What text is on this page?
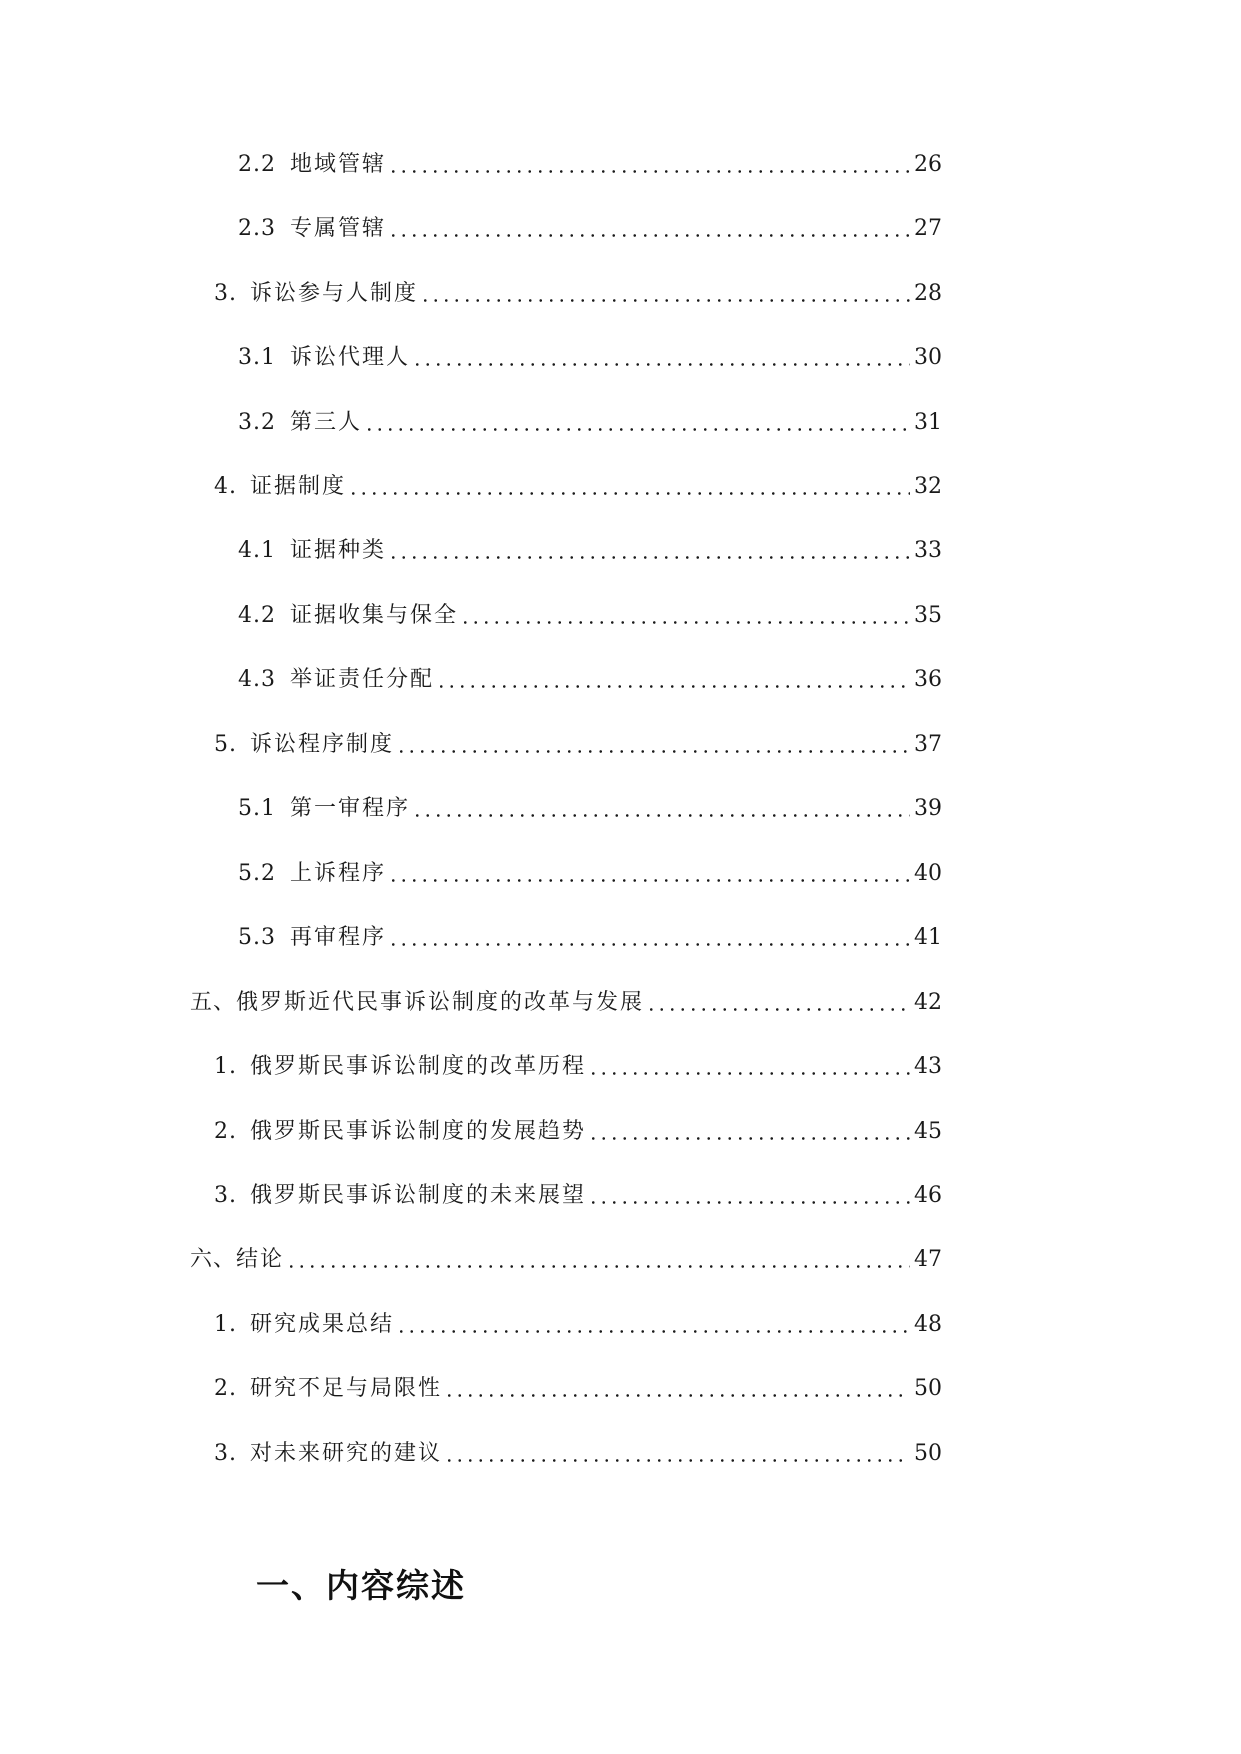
2.2 地域管辖	26
2.3 专属管辖	27
3. 诉讼参与人制度	28
3.1 诉讼代理人	30
3.2 第三人	31
4. 证据制度	32
4.1 证据种类	33
4.2 证据收集与保全	35
4.3 举证责任分配	36
5. 诉讼程序制度	37
5.1 第一审程序	39
5.2 上诉程序	40
5.3 再审程序	41
五、 俄罗斯近代民事诉讼制度的改革与发展	42
1. 俄罗斯民事诉讼制度的改革历程	43
2. 俄罗斯民事诉讼制度的发展趋势	45
3. 俄罗斯民事诉讼制度的未来展望	46
六、 结论	47
1. 研究成果总结	48
2. 研究不足与局限性	50
3. 对未来研究的建议	50
一、内容综述
